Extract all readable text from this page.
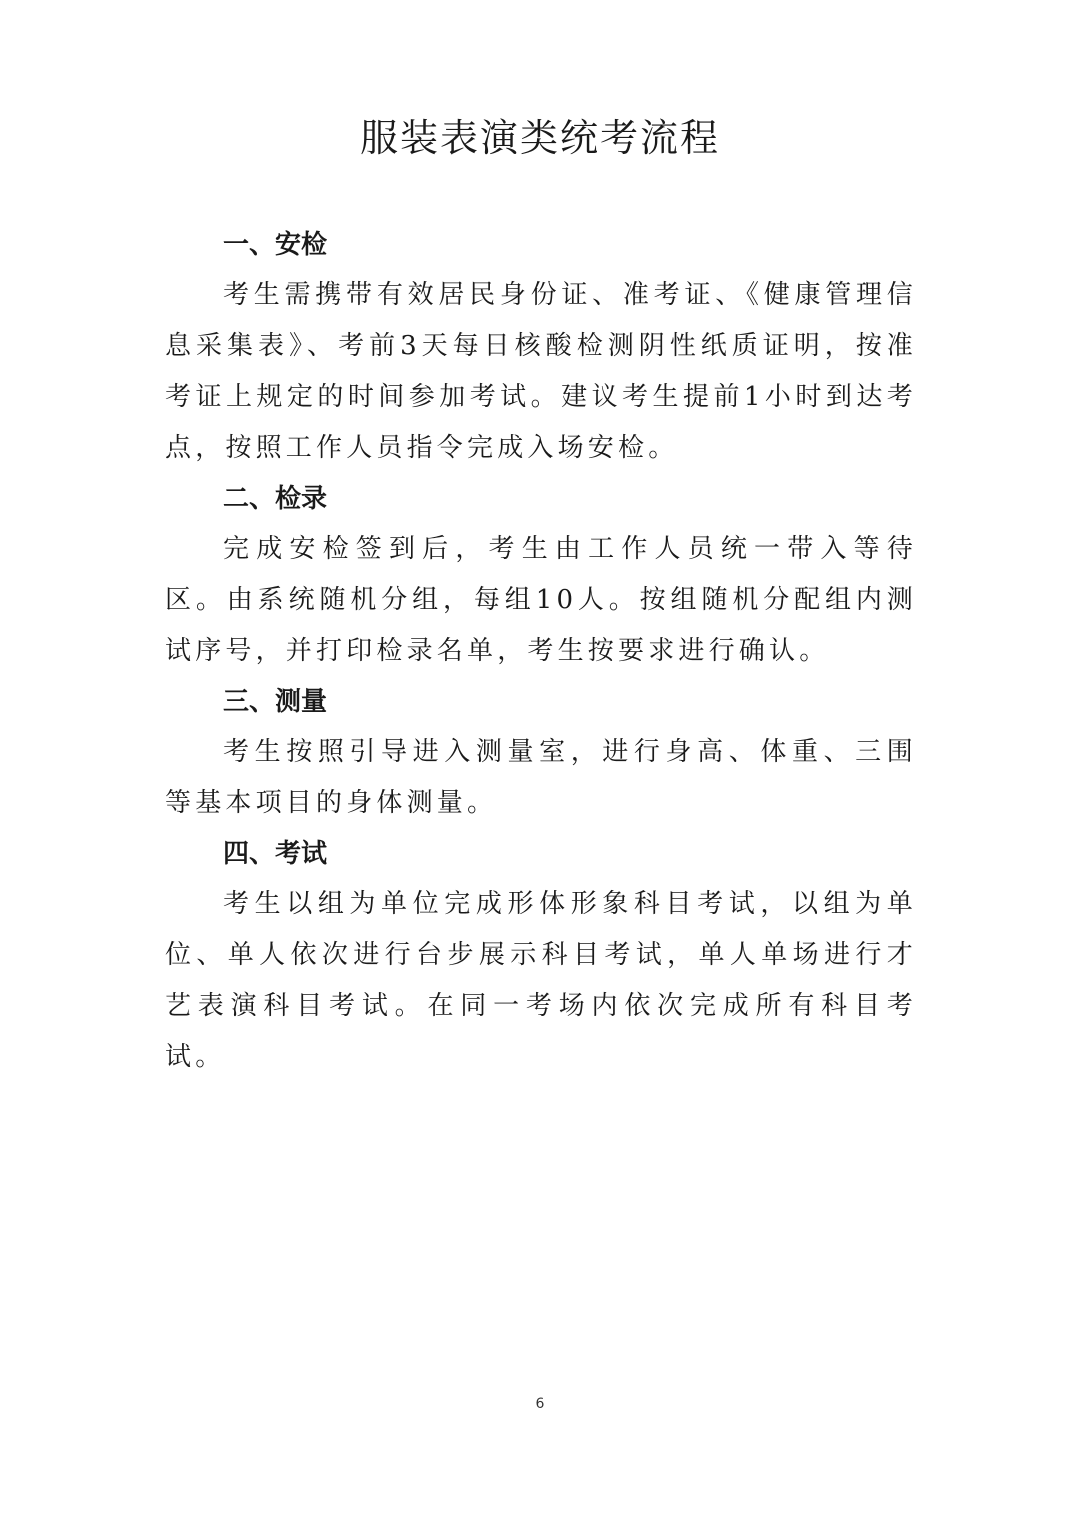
服装表演类统考流程
一、安检

考生需携带有效居民身份证、准考证、《健康管理信息采集表》、考前3天每日核酸检测阴性纸质证明，按准考证上规定的时间参加考试。建议考生提前1小时到达考点，按照工作人员指令完成入场安检。

二、检录

完成安检签到后，考生由工作人员统一带入等待区。由系统随机分组，每组10人。按组随机分配组内测试序号，并打印检录名单，考生按要求进行确认。

三、测量

考生按照引导进入测量室，进行身高、体重、三围等基本项目的身体测量。

四、考试

考生以组为单位完成形体形象科目考试，以组为单位、单人依次进行台步展示科目考试，单人单场进行才艺表演科目考试。在同一考场内依次完成所有科目考试。

6
